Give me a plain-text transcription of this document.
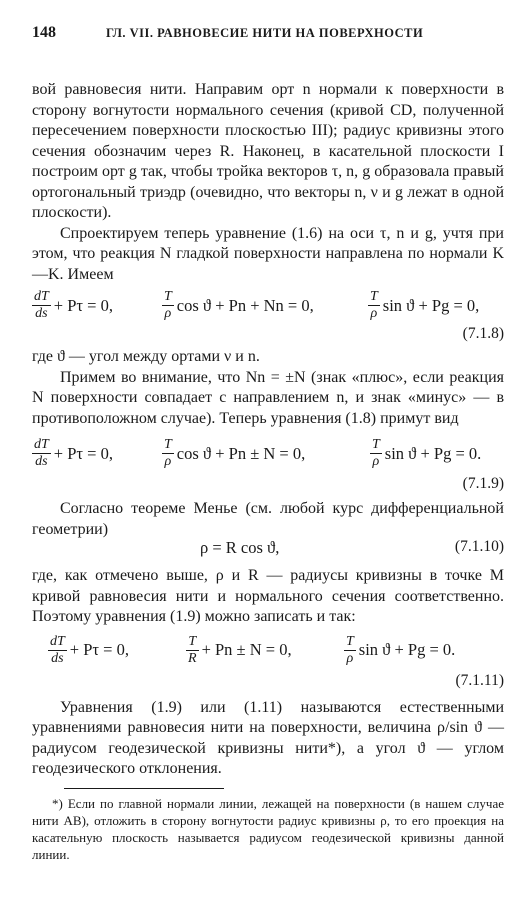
148	ГЛ. VII. РАВНОВЕСИЕ НИТИ НА ПОВЕРХНОСТИ

вой равновесия нити. Направим орт n нормали к поверхности в сторону вогнутости нормального сечения (кривой CD, полученной пересечением поверхности плоскостью III); радиус кривизны этого сечения обозначим через R. Наконец, в касательной плоскости I построим орт g так, чтобы тройка векторов τ, n, g образовала правый ортогональный триэдр (очевидно, что векторы n, ν и g лежат в одной плоскости).

Спроектируем теперь уравнение (1.6) на оси τ, n и g, учтя при этом, что реакция N гладкой поверхности направлена по нормали K—K. Имеем

$\frac{dT}{ds} + P\tau = 0$,	$\frac{T}{\rho}$ cos ϑ + Pn + Nn = 0,	$\frac{T}{\rho}$ sin ϑ + Pg = 0,
(7.1.8)

где ϑ — угол между ортами ν и n.

Примем во внимание, что Nn = ±N (знак «плюс», если реакция N поверхности совпадает с направлением n, и знак «минус» — в противоположном случае). Теперь уравнения (1.8) примут вид

$\frac{dT}{ds} + P\tau = 0$,	$\frac{T}{\rho}$ cos ϑ + Pn ± N = 0,	$\frac{T}{\rho}$ sin ϑ + Pg = 0.
(7.1.9)

Согласно теореме Менье (см. любой курс дифференциальной геометрии)

ρ = R cos ϑ,	(7.1.10)

где, как отмечено выше, ρ и R — радиусы кривизны в точке M кривой равновесия нити и нормального сечения соответственно. Поэтому уравнения (1.9) можно записать и так:

$\frac{dT}{ds} + P\tau = 0$,	$\frac{T}{R} + Pn \pm N = 0$,	$\frac{T}{\rho}$ sin ϑ + Pg = 0.
(7.1.11)

Уравнения (1.9) или (1.11) называются естественными уравнениями равновесия нити на поверхности, величина ρ/sin ϑ — радиусом геодезической кривизны нити*), а угол ϑ — углом геодезического отклонения.

*) Если по главной нормали линии, лежащей на поверхности (в нашем случае нити AB), отложить в сторону вогнутости радиус кривизны ρ, то его проекция на касательную плоскость называется радиусом геодезической кривизны данной линии.
